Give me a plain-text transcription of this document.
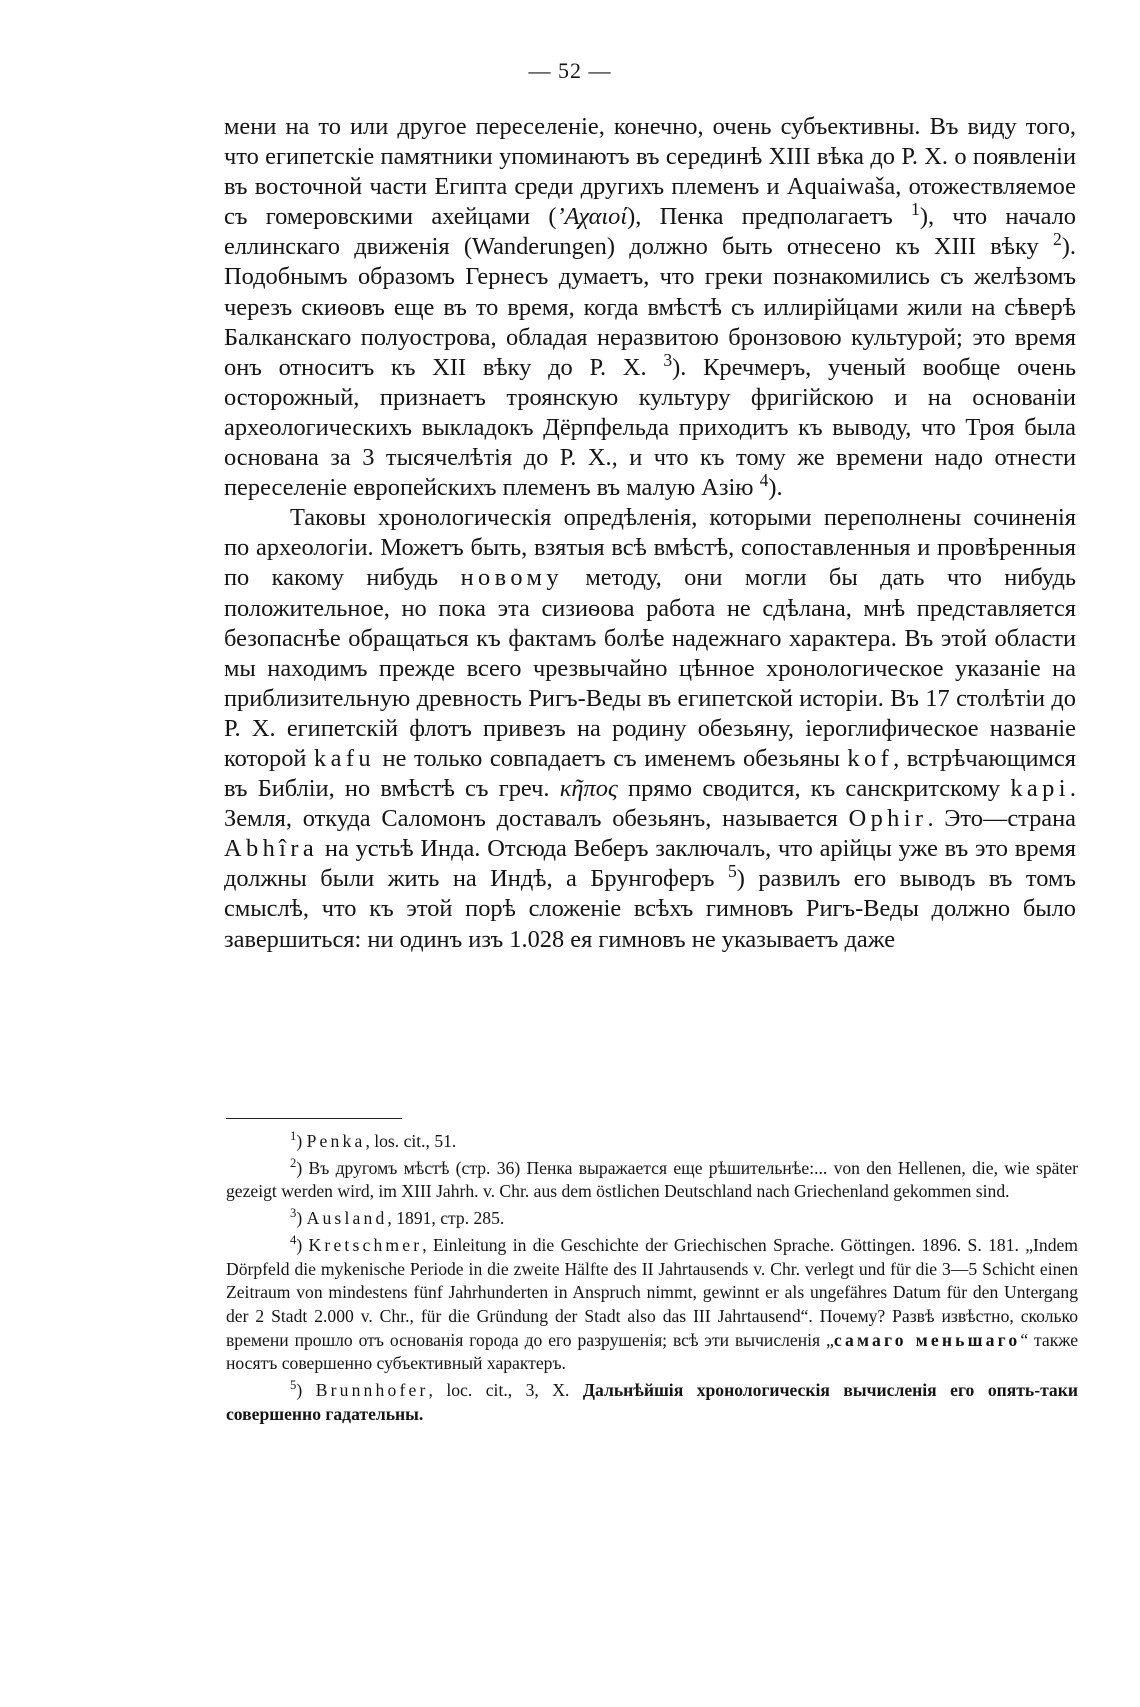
— 52 —

мени на то или другое переселеніе, конечно, очень субъективны. Въ виду того, что египетскіе памятники упоминаютъ въ серединѣ XIII вѣка до Р. Х. о появленіи въ восточной части Египта среди другихъ племенъ и Aquaiwaša, отожествляемое съ гомеровскими ахейцами (’Αχαιοί), Пенка предполагаетъ $^1$), что начало еллинскаго движенія (Wanderungen) должно быть отнесено къ XIII вѣку $^2$). Подобнымъ образомъ Гернесъ думаетъ, что греки познакомились съ желѣзомъ черезъ скиѳовъ еще въ то время, когда вмѣстѣ съ иллирійцами жили на сѣверѣ Балканскаго полуострова, обладая неразвитою бронзовою культурой; это время онъ относитъ къ XII вѣку до Р. Х. $^3$). Кречмеръ, ученый вообще очень осторожный, признаетъ троянскую культуру фригійскою и на основаніи археологическихъ выкладокъ Дёрпфельда приходитъ къ выводу, что Троя была основана за 3 тысячелѣтія до Р. Х., и что къ тому же времени надо отнести переселеніе европейскихъ племенъ въ малую Азію $^4$).

Таковы хронологическія опредѣленія, которыми переполнены сочиненія по археологіи. Можетъ быть, взятыя всѣ вмѣстѣ, сопоставленныя и провѣренныя по какому нибудь новому методу, они могли бы дать что нибудь положительное, но пока эта сизиѳова работа не сдѣлана, мнѣ представляется безопаснѣе обращаться къ фактамъ болѣе надежнаго характера. Въ этой области мы находимъ прежде всего чрезвычайно цѣнное хронологическое указаніе на приблизительную древность Ригъ-Веды въ египетской исторіи. Въ 17 столѣтіи до Р. Х. египетскій флотъ привезъ на родину обезьяну, іероглифическое названіе которой kafu не только совпадаетъ съ именемъ обезьяны kof, встрѣчающимся въ Библіи, но вмѣстѣ съ греч. κῆπος прямо сводится, къ санскритскому kapi. Земля, откуда Саломонъ доставалъ обезьянъ, называется Ophir. Это—страна Abhîra на устьѣ Инда. Отсюда Веберъ заключалъ, что арійцы уже въ это время должны были жить на Индѣ, а Брунгоферъ $^5$) развилъ его выводъ въ томъ смыслѣ, что къ этой порѣ сложеніе всѣхъ гимновъ Ригъ-Веды должно было завершиться: ни одинъ изъ 1.028 ея гимновъ не указываетъ даже

$^1$) Penka, los. cit., 51.

$^2$) Въ другомъ мѣстѣ (стр. 36) Пенка выражается еще рѣшительнѣе:... von den Hellenen, die, wie später gezeigt werden wird, im XIII Jahrh. v. Chr. aus dem östlichen Deutschland nach Griechenland gekommen sind.

$^3$) Ausland, 1891, стр. 285.

$^4$) Kretschmer, Einleitung in die Geschichte der Griechischen Sprache. Göttingen. 1896. S. 181. „Indem Dörpfeld die mykenische Periode in die zweite Hälfte des II Jahrtausends v. Chr. verlegt und für die 3—5 Schicht einen Zeitraum von mindestens fünf Jahrhunderten in Anspruch nimmt, gewinnt er als ungefähres Datum für den Untergang der 2 Stadt 2.000 v. Chr., für die Gründung der Stadt also das III Jahrtausend“. Почему? Развѣ извѣстно, сколько времени прошло отъ основанія города до его разрушенія; всѣ эти вычисленія „самаго меньшаго“ также носятъ совершенно субъективный характеръ.

$^5$) Brunnhofer, loc. cit., 3, X. Дальнѣйшія хронологическія вычисленія его опять-таки совершенно гадательны.
